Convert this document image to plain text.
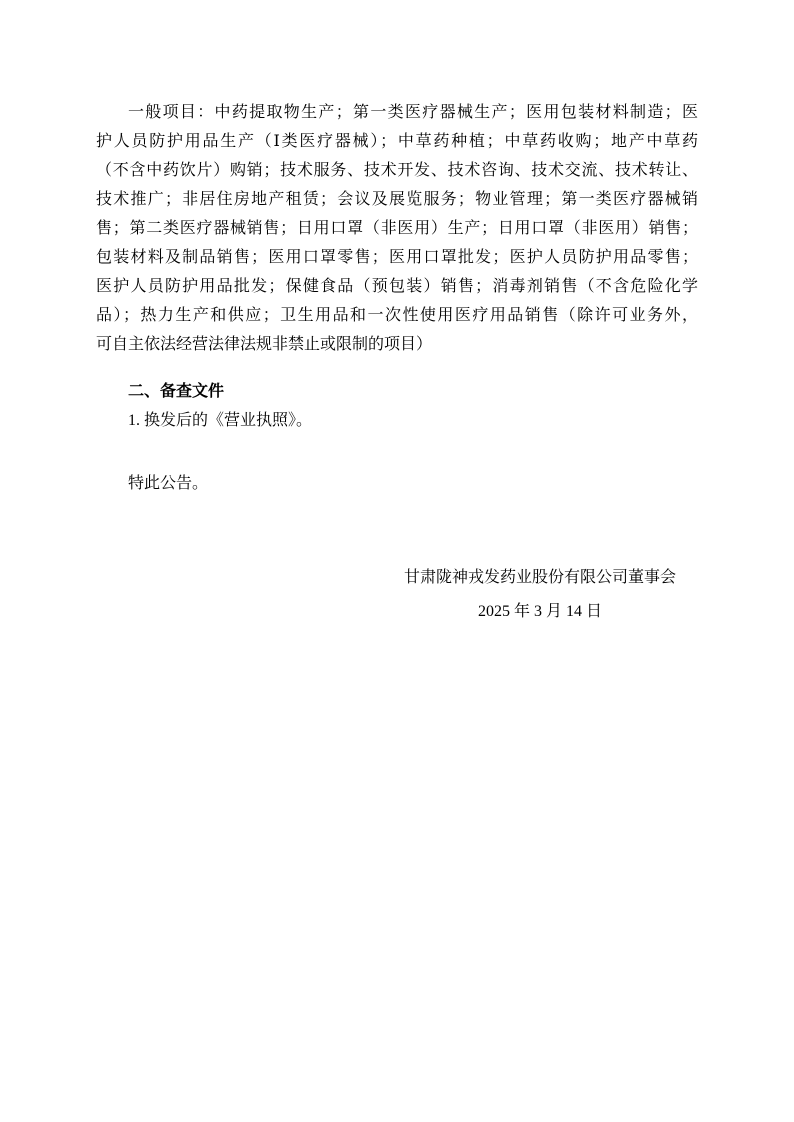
一般项目：中药提取物生产；第一类医疗器械生产；医用包装材料制造；医
护人员防护用品生产（Ⅰ类医疗器械）；中草药种植；中草药收购；地产中草药
（不含中药饮片）购销；技术服务、技术开发、技术咨询、技术交流、技术转让、
技术推广；非居住房地产租赁；会议及展览服务；物业管理；第一类医疗器械销
售；第二类医疗器械销售；日用口罩（非医用）生产；日用口罩（非医用）销售；
包装材料及制品销售；医用口罩零售；医用口罩批发；医护人员防护用品零售；
医护人员防护用品批发；保健食品（预包装）销售；消毒剂销售（不含危险化学
品）；热力生产和供应；卫生用品和一次性使用医疗用品销售（除许可业务外，
可自主依法经营法律法规非禁止或限制的项目）
二、备查文件
1. 换发后的《营业执照》。
特此公告。
甘肃陇神戎发药业股份有限公司董事会
2025 年 3 月 14 日
